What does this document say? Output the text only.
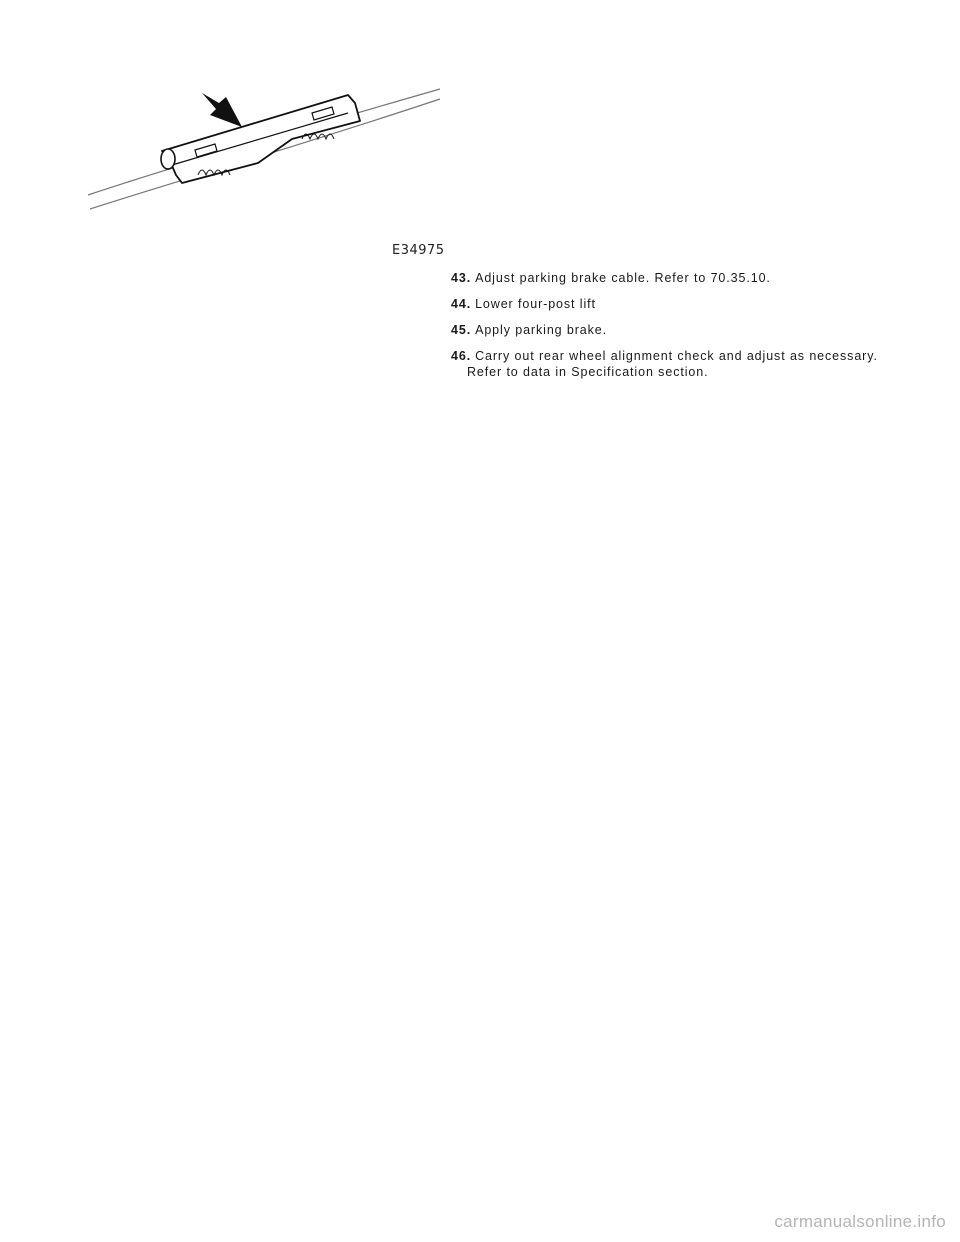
E34975

43. Adjust parking brake cable. Refer to 70.35.10.

44. Lower four-post lift

45. Apply parking brake.

46. Carry out rear wheel alignment check and adjust as necessary. Refer to data in Specification section.

carmanualsonline.info
